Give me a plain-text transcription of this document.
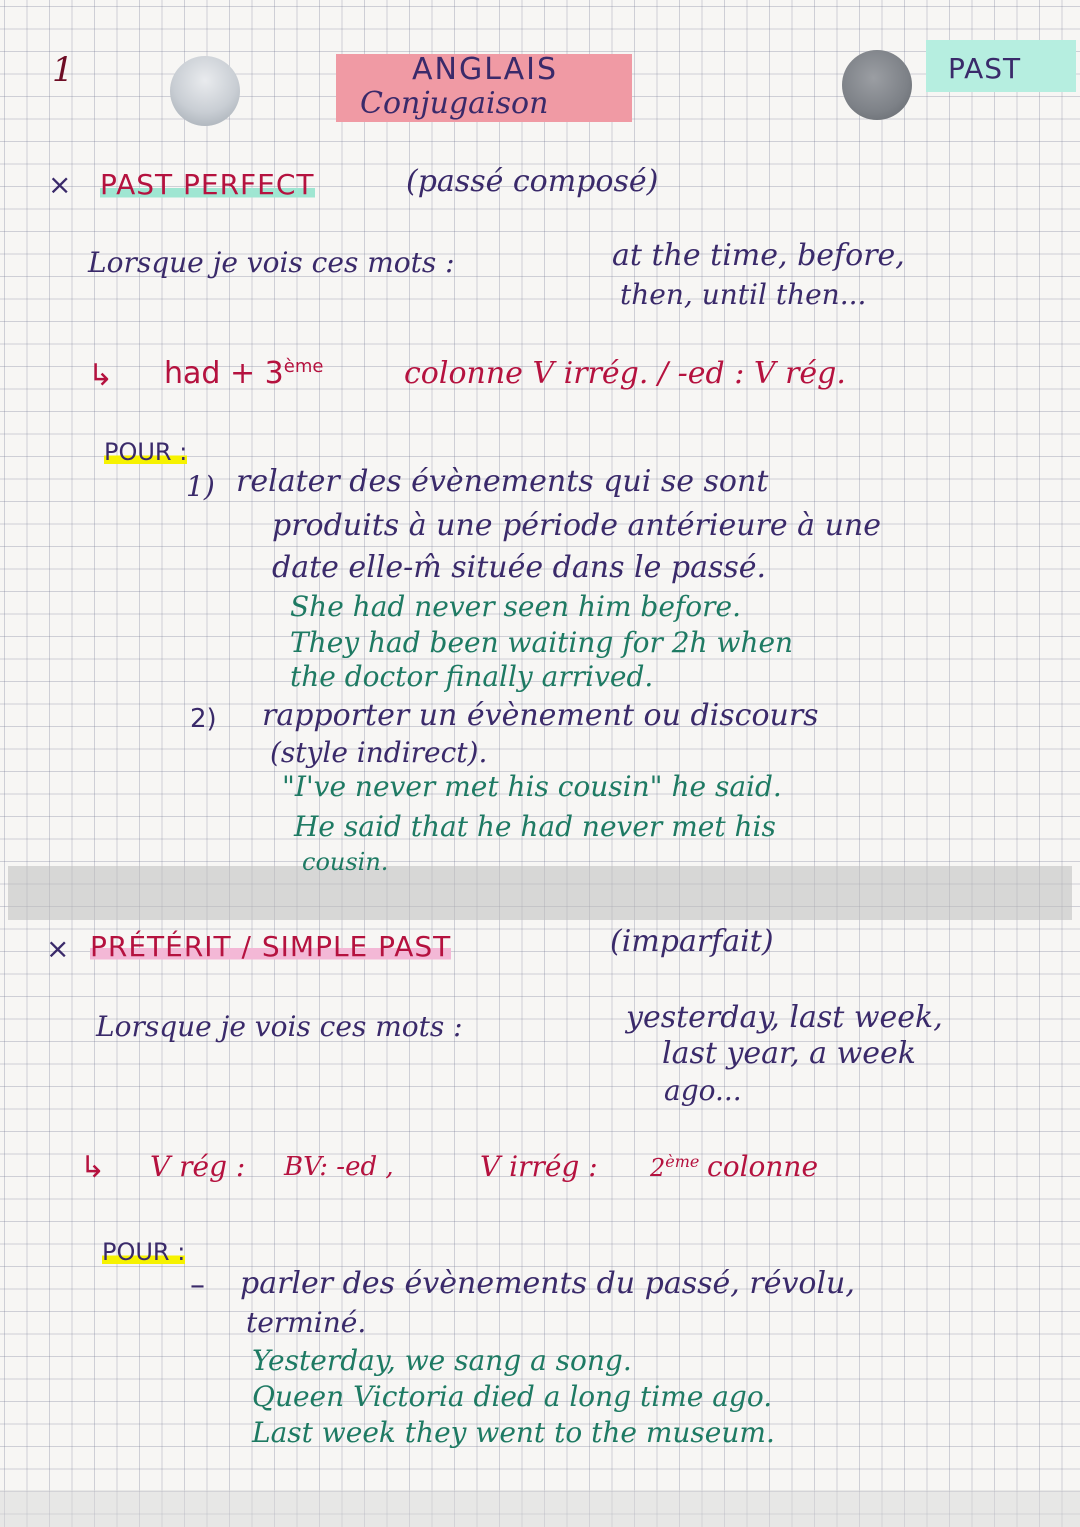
1	ANGLAIS
Conjugaison
PAST
× PAST PERFECT	(passé composé)
Lorsque je vois ces mots :	at the time, before,
then, until then...
↳ had + 3ème	colonne V irrég. / -ed : V rég.
POUR :
1) relater des évènements qui se sont
produits à une période antérieure à une
date elle-m̂ située dans le passé.
She had never seen him before.
They had been waiting for 2h when
the doctor finally arrived.
2) rapporter un évènement ou discours
(style indirect).
"I've never met his cousin" he said.
He said that he had never met his
cousin.
× PRÉTÉRIT / SIMPLE PAST	(imparfait)
Lorsque je vois ces mots :	yesterday, last week,
last year, a week
ago...
↳ V rég : BV: -ed ,	V irrég : 2ème colonne
POUR :
– parler des évènements du passé, révolu,
terminé.
Yesterday, we sang a song.
Queen Victoria died a long time ago.
Last week they went to the museum.
